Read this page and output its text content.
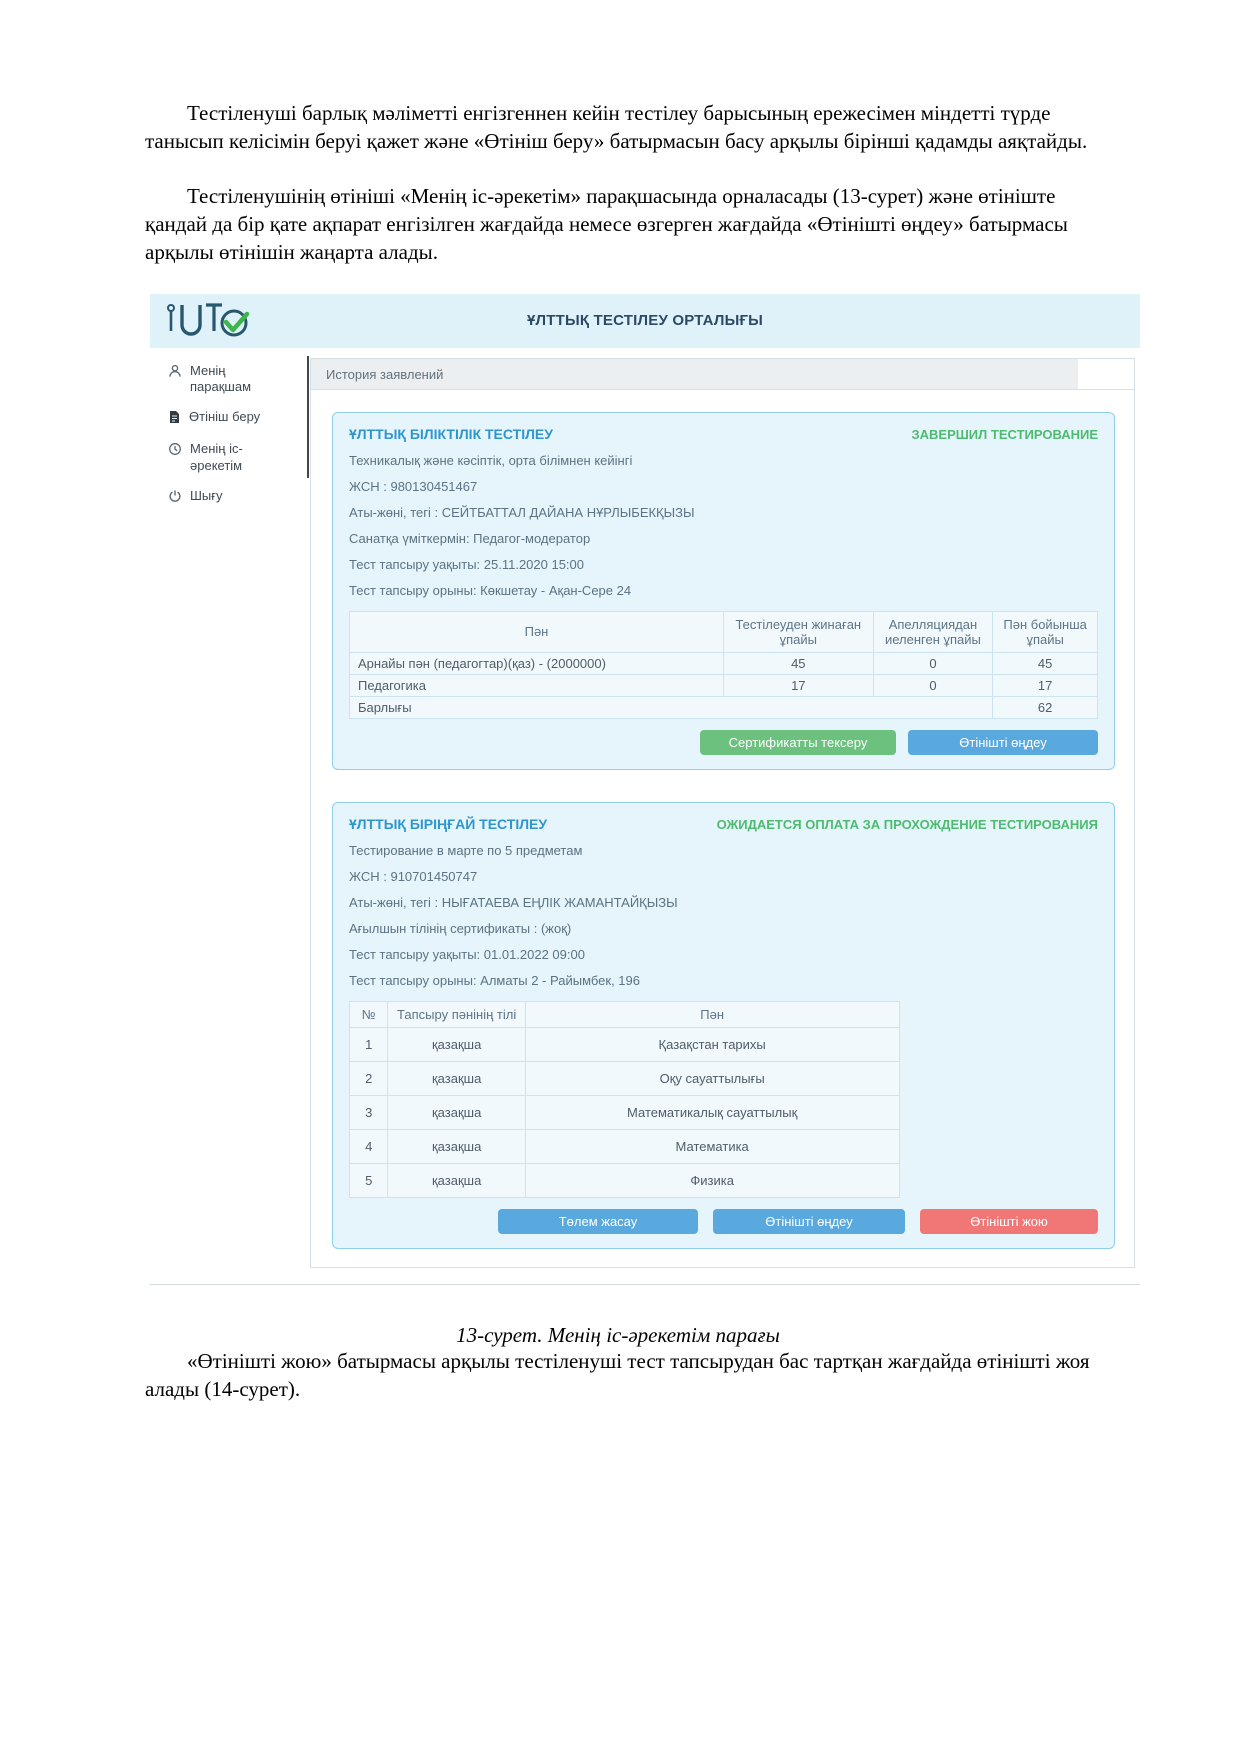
Тестіленуші барлық мәліметті енгізгеннен кейін тестілеу барысының ережесімен міндетті түрде танысып келісімін беруі қажет және «Өтініш беру» батырмасын басу арқылы бірінші қадамды аяқтайды.

Тестіленушінің өтініші «Менің іс-әрекетім» парақшасында орналасады (13-сурет) және өтініште қандай да бір қате ақпарат енгізілген жағдайда немесе өзгерген жағдайда «Өтінішті өңдеу» батырмасы арқылы өтінішін жаңарта алады.

ҰЛТТЫҚ ТЕСТІЛЕУ ОРТАЛЫҒЫ
Менің парақшам
Өтініш беру
Менің іс-әрекетім
Шығу
История заявлений
ҰЛТТЫҚ БІЛІКТІЛІК ТЕСТІЛЕУ	ЗАВЕРШИЛ ТЕСТИРОВАНИЕ
Техникалық және кәсіптік, орта білімнен кейінгі
ЖСН : 980130451467
Аты-жөні, тегі : СЕЙТБАТТАЛ ДАЙАНА НҰРЛЫБЕКҚЫЗЫ
Санатқа үміткермін: Педагог-модератор
Тест тапсыру уақыты: 25.11.2020 15:00
Тест тапсыру орыны: Көкшетау - Ақан-Сере 24
Пән	Тестілеуден жинаған ұпайы	Апелляциядан иеленген ұпайы	Пән бойынша ұпайы
Арнайы пән (педагогтар)(қаз) - (2000000)	45	0	45
Педагогика	17	0	17
Барлығы			62
Сертификатты тексеру	Өтінішті өңдеу
ҰЛТТЫҚ БІРІҢҒАЙ ТЕСТІЛЕУ	ОЖИДАЕТСЯ ОПЛАТА ЗА ПРОХОЖДЕНИЕ ТЕСТИРОВАНИЯ
Тестирование в марте по 5 предметам
ЖСН : 910701450747
Аты-жөні, тегі : НЫҒАТАЕВА ЕҢЛІК ЖАМАНТАЙҚЫЗЫ
Ағылшын тілінің сертификаты : (жоқ)
Тест тапсыру уақыты: 01.01.2022 09:00
Тест тапсыру орыны: Алматы 2 - Райымбек, 196
№	Тапсыру пәнінің тілі	Пән
1	қазақша	Қазақстан тарихы
2	қазақша	Оқу сауаттылығы
3	қазақша	Математикалық сауаттылық
4	қазақша	Математика
5	қазақша	Физика
Төлем жасау	Өтінішті өңдеу	Өтінішті жою

13-сурет. Менің іс-әрекетім парағы

«Өтінішті жою» батырмасы арқылы тестіленуші тест тапсырудан бас тартқан жағдайда өтінішті жоя алады (14-сурет).
